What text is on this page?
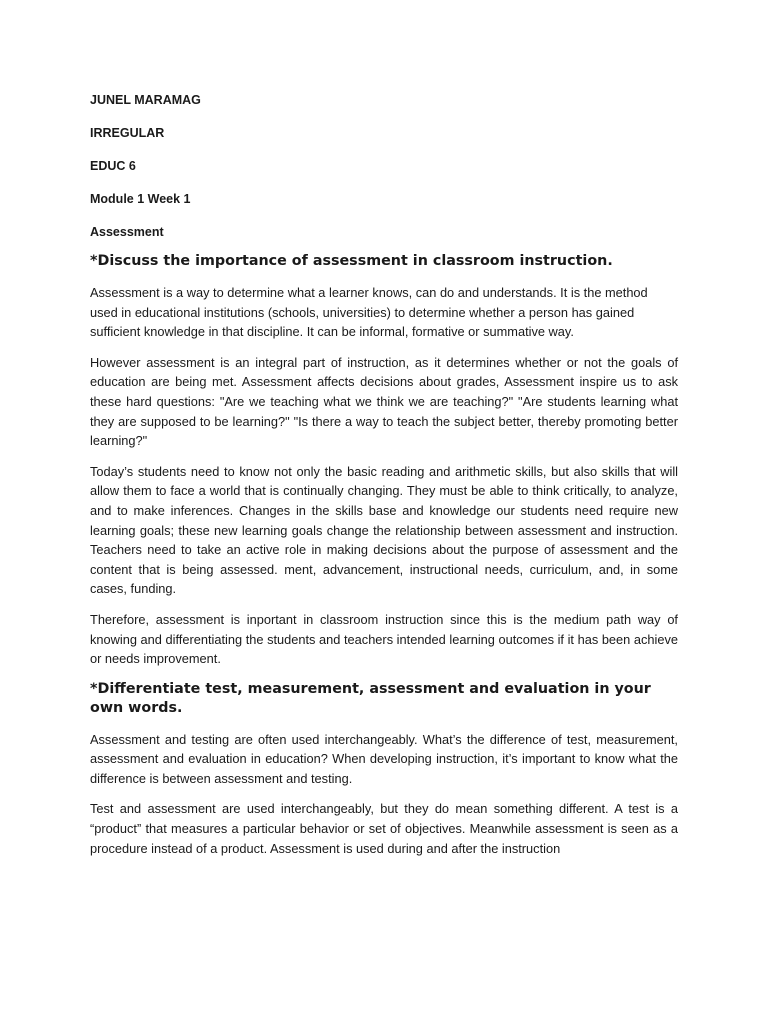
JUNEL MARAMAG

IRREGULAR

EDUC 6

Module 1 Week 1

Assessment

*Discuss the importance of assessment in classroom instruction.

Assessment is a way to determine what a learner knows, can do and understands. It is the method used in educational institutions (schools, universities) to determine whether a person has gained sufficient knowledge in that discipline. It can be informal, formative or summative way.

However assessment is an integral part of instruction, as it determines whether or not the goals of education are being met. Assessment affects decisions about grades, Assessment inspire us to ask these hard questions: "Are we teaching what we think we are teaching?" "Are students learning what they are supposed to be learning?" "Is there a way to teach the subject better, thereby promoting better learning?"

Today’s students need to know not only the basic reading and arithmetic skills, but also skills that will allow them to face a world that is continually changing. They must be able to think critically, to analyze, and to make inferences. Changes in the skills base and knowledge our students need require new learning goals; these new learning goals change the relationship between assessment and instruction. Teachers need to take an active role in making decisions about the purpose of assessment and the content that is being assessed. ment, advancement, instructional needs, curriculum, and, in some cases, funding.

Therefore, assessment is inportant in classroom instruction since this is the medium path way of knowing and differentiating the students and teachers intended learning outcomes if it has been achieve or needs improvement.

*Differentiate test, measurement, assessment and evaluation in your own words.

Assessment and testing are often used interchangeably. What’s the difference of test, measurement, assessment and evaluation in education? When developing instruction, it’s important to know what the difference is between assessment and testing.

Test and assessment are used interchangeably, but they do mean something different. A test is a “product” that measures a particular behavior or set of objectives. Meanwhile assessment is seen as a procedure instead of a product. Assessment is used during and after the instruction
